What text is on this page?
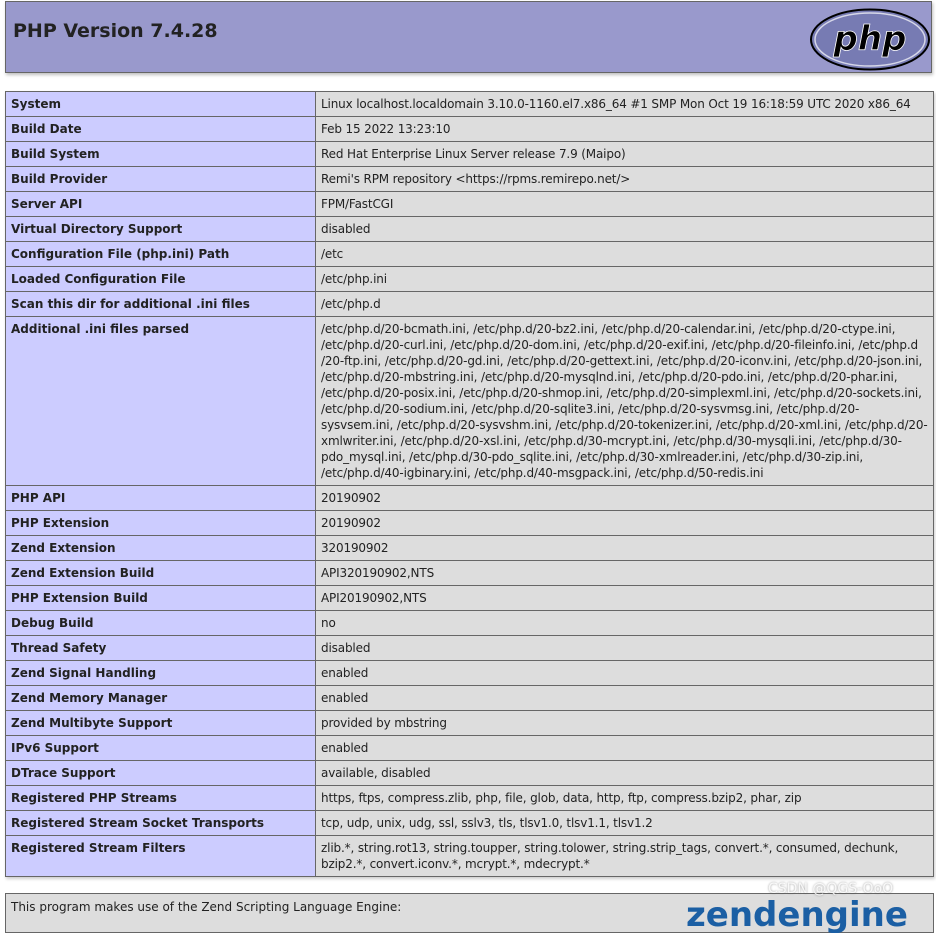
PHP Version 7.4.28	php
System	Linux localhost.localdomain 3.10.0-1160.el7.x86_64 #1 SMP Mon Oct 19 16:18:59 UTC 2020 x86_64
Build Date	Feb 15 2022 13:23:10
Build System	Red Hat Enterprise Linux Server release 7.9 (Maipo)
Build Provider	Remi's RPM repository <https://rpms.remirepo.net/>
Server API	FPM/FastCGI
Virtual Directory Support	disabled
Configuration File (php.ini) Path	/etc
Loaded Configuration File	/etc/php.ini
Scan this dir for additional .ini files	/etc/php.d
Additional .ini files parsed	/etc/php.d/20-bcmath.ini, /etc/php.d/20-bz2.ini, /etc/php.d/20-calendar.ini, /etc/php.d/20-ctype.ini, /etc/php.d/20-curl.ini, /etc/php.d/20-dom.ini, /etc/php.d/20-exif.ini, /etc/php.d/20-fileinfo.ini, /etc/php.d /20-ftp.ini, /etc/php.d/20-gd.ini, /etc/php.d/20-gettext.ini, /etc/php.d/20-iconv.ini, /etc/php.d/20-json.ini, /etc/php.d/20-mbstring.ini, /etc/php.d/20-mysqlnd.ini, /etc/php.d/20-pdo.ini, /etc/php.d/20-phar.ini, /etc/php.d/20-posix.ini, /etc/php.d/20-shmop.ini, /etc/php.d/20-simplexml.ini, /etc/php.d/20-sockets.ini, /etc/php.d/20-sodium.ini, /etc/php.d/20-sqlite3.ini, /etc/php.d/20-sysvmsg.ini, /etc/php.d/20-sysvsem.ini, /etc/php.d/20-sysvshm.ini, /etc/php.d/20-tokenizer.ini, /etc/php.d/20-xml.ini, /etc/php.d/20-xmlwriter.ini, /etc/php.d/20-xsl.ini, /etc/php.d/30-mcrypt.ini, /etc/php.d/30-mysqli.ini, /etc/php.d/30-pdo_mysql.ini, /etc/php.d/30-pdo_sqlite.ini, /etc/php.d/30-xmlreader.ini, /etc/php.d/30-zip.ini, /etc/php.d/40-igbinary.ini, /etc/php.d/40-msgpack.ini, /etc/php.d/50-redis.ini
PHP API	20190902
PHP Extension	20190902
Zend Extension	320190902
Zend Extension Build	API320190902,NTS
PHP Extension Build	API20190902,NTS
Debug Build	no
Thread Safety	disabled
Zend Signal Handling	enabled
Zend Memory Manager	enabled
Zend Multibyte Support	provided by mbstring
IPv6 Support	enabled
DTrace Support	available, disabled
Registered PHP Streams	https, ftps, compress.zlib, php, file, glob, data, http, ftp, compress.bzip2, phar, zip
Registered Stream Socket Transports	tcp, udp, unix, udg, ssl, sslv3, tls, tlsv1.0, tlsv1.1, tlsv1.2
Registered Stream Filters	zlib.*, string.rot13, string.toupper, string.tolower, string.strip_tags, convert.*, consumed, dechunk, bzip2.*, convert.iconv.*, mcrypt.*, mdecrypt.*

This program makes use of the Zend Scripting Language Engine:	zendengine
CSDN @QGS-OoO
